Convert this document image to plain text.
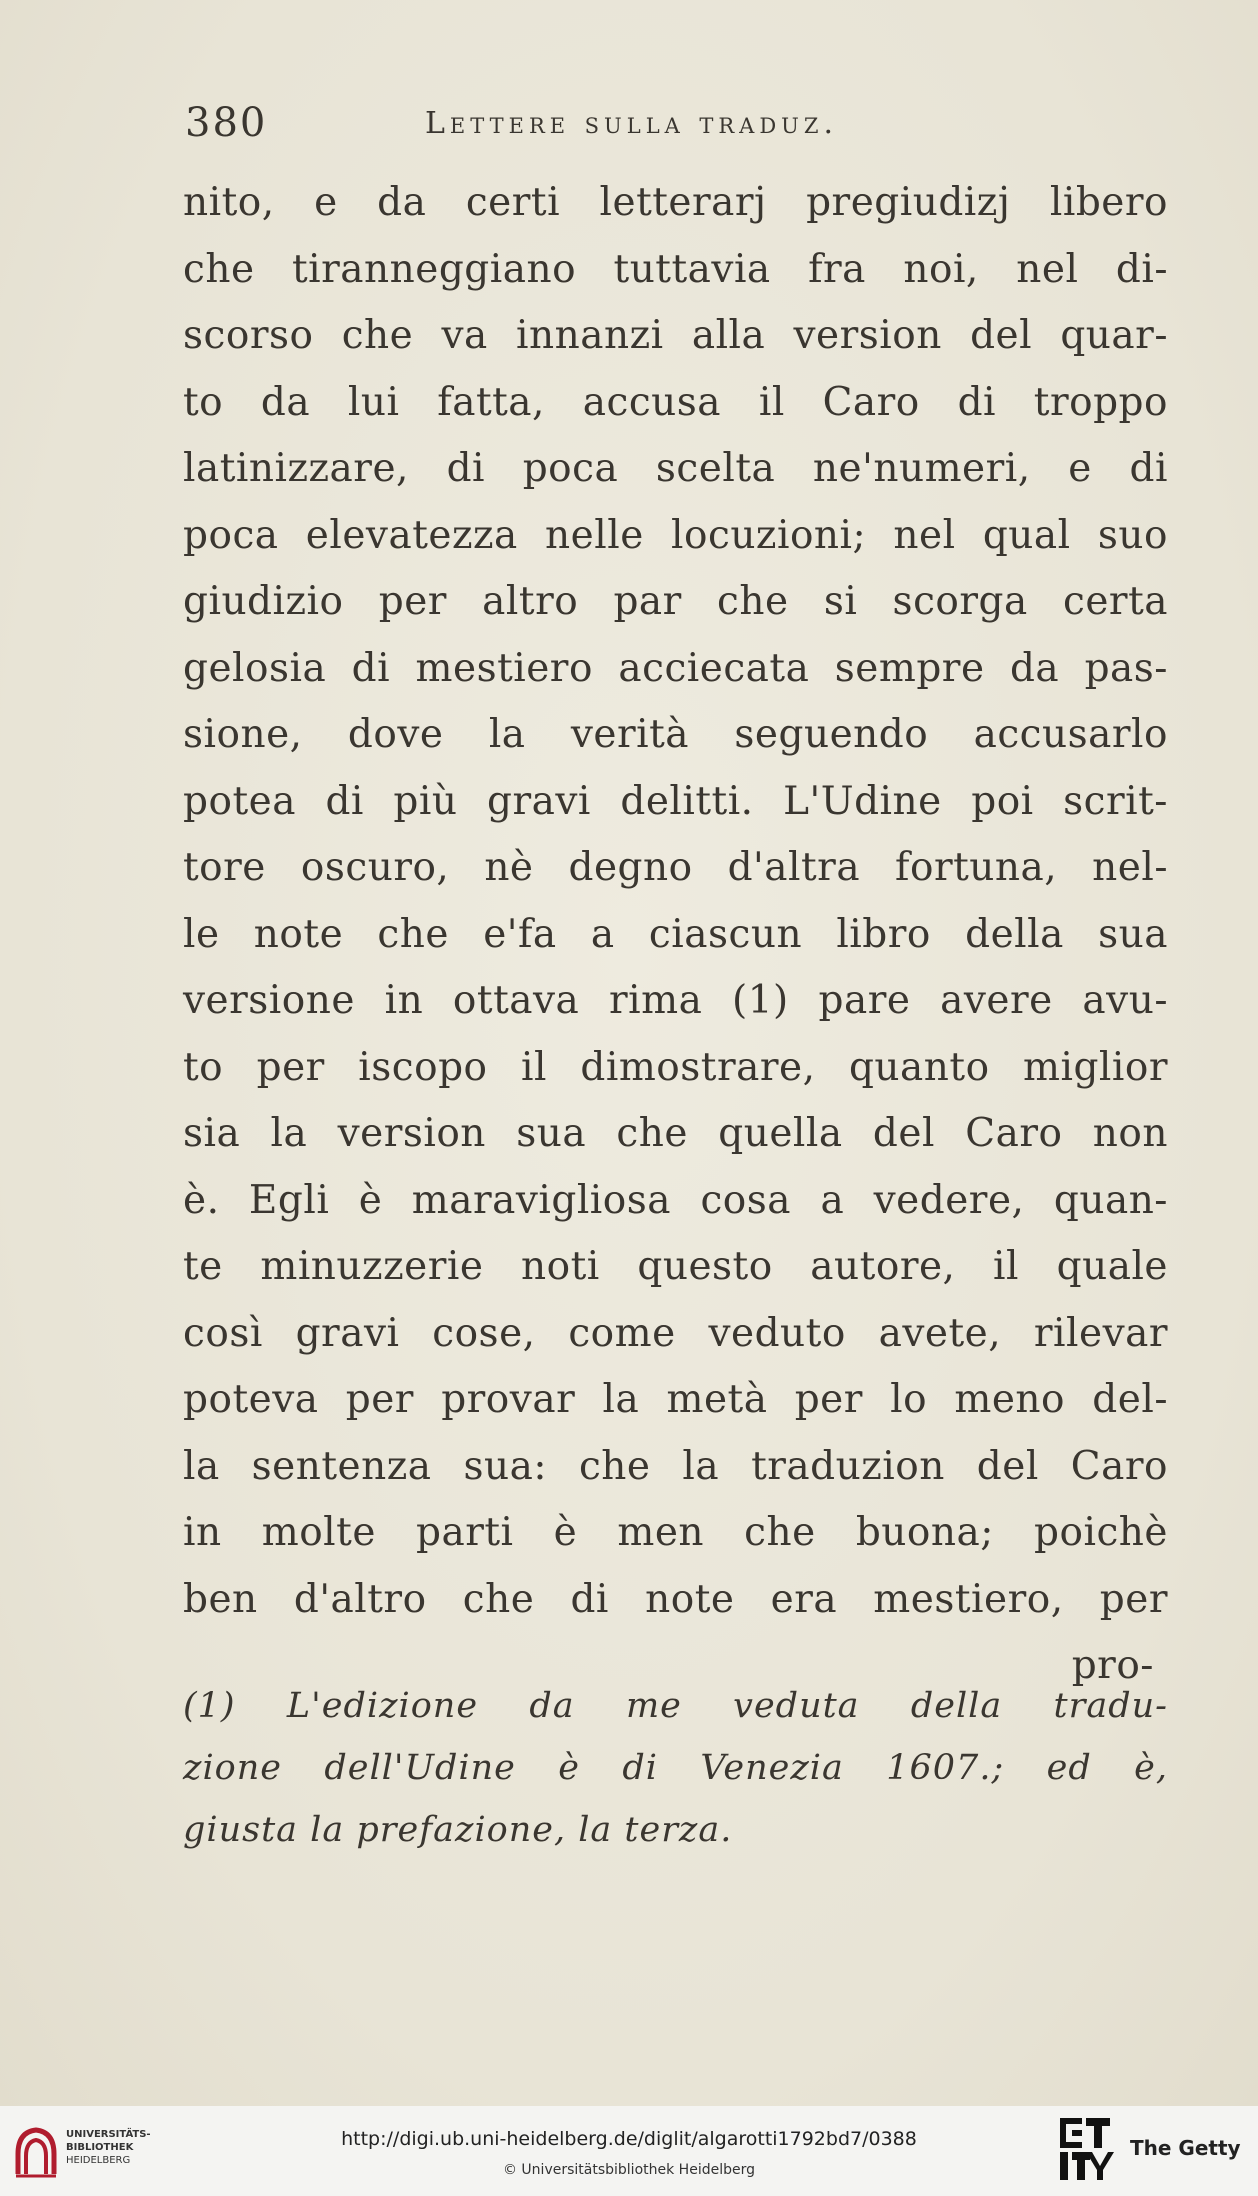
380	Lettere sulla traduz.
nito, e da certi letterarj pregiudizj libero
che tiranneggiano tuttavia fra noi, nel di-
scorso che va innanzi alla version del quar-
to da lui fatta, accusa il Caro di troppo
latinizzare, di poca scelta ne'numeri, e di
poca elevatezza nelle locuzioni; nel qual suo
giudizio per altro par che si scorga certa
gelosia di mestiero acciecata sempre da pas-
sione, dove la verità seguendo accusarlo
potea di più gravi delitti. L'Udine poi scrit-
tore oscuro, nè degno d'altra fortuna, nel-
le note che e'fa a ciascun libro della sua
versione in ottava rima (1) pare avere avu-
to per iscopo il dimostrare, quanto miglior
sia la version sua che quella del Caro non
è. Egli è maravigliosa cosa a vedere, quan-
te minuzzerie noti questo autore, il quale
così gravi cose, come veduto avete, rilevar
poteva per provar la metà per lo meno del-
la sentenza sua: che la traduzion del Caro
in molte parti è men che buona; poichè
ben d'altro che di note era mestiero, per
pro-
(1) L'edizione da me veduta della tradu-
zione dell'Udine è di Venezia 1607.; ed è,
giusta la prefazione, la terza.
UNIVERSITÄTS-
BIBLIOTHEK
HEIDELBERG
http://digi.ub.uni-heidelberg.de/diglit/algarotti1792bd7/0388
© Universitätsbibliothek Heidelberg
The Getty
